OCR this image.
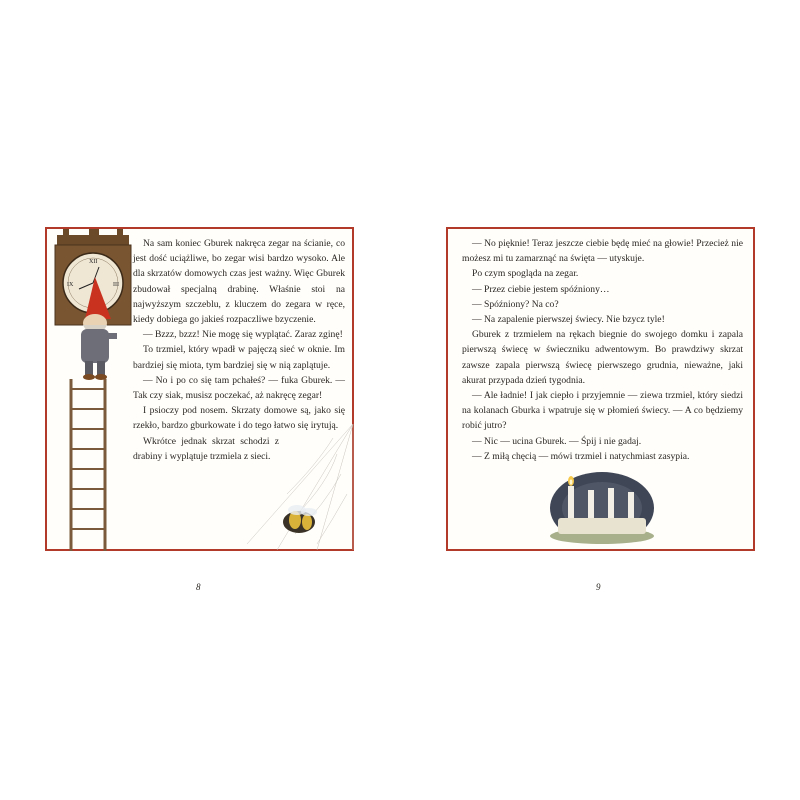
XII
IX	III

Na sam koniec Gburek nakręca zegar na ścianie, co jest dość uciążliwe, bo zegar wisi bardzo wysoko. Ale dla skrzatów domowych czas jest ważny. Więc Gburek zbudował specjalną drabinę. Właśnie stoi na najwyższym szczeblu, z kluczem do zegara w ręce, kiedy dobiega go jakieś rozpaczliwe bzyczenie.

— Bzzz, bzzz! Nie mogę się wyplątać. Zaraz zginę!

To trzmiel, który wpadł w pajęczą sieć w oknie. Im bardziej się miota, tym bardziej się w nią zaplątuje.

— No i po co się tam pchałeś? — fuka Gburek. — Tak czy siak, musisz poczekać, aż nakręcę zegar!

I psioczy pod nosem. Skrzaty domowe są, jako się rzekło, bardzo gburkowate i do tego łatwo się irytują.

Wkrótce jednak skrzat schodzi z drabiny i wyplątuje trzmiela z sieci.

8

— No pięknie! Teraz jeszcze ciebie będę mieć na głowie! Przecież nie możesz mi tu zamarznąć na święta — utyskuje.

Po czym spogląda na zegar.

— Przez ciebie jestem spóźniony…

— Spóźniony? Na co?

— Na zapalenie pierwszej świecy. Nie bzycz tyle!

Gburek z trzmielem na rękach biegnie do swojego domku i zapala pierwszą świecę w świeczniku adwentowym. Bo prawdziwy skrzat zawsze zapala pierwszą świecę pierwszego grudnia, nieważne, jaki akurat przypada dzień tygodnia.

— Ale ładnie! I jak ciepło i przyjemnie — ziewa trzmiel, który siedzi na kolanach Gburka i wpatruje się w płomień świecy. — A co będziemy robić jutro?

— Nic — ucina Gburek. — Śpij i nie gadaj.

— Z miłą chęcią — mówi trzmiel i natychmiast zasypia.

9
